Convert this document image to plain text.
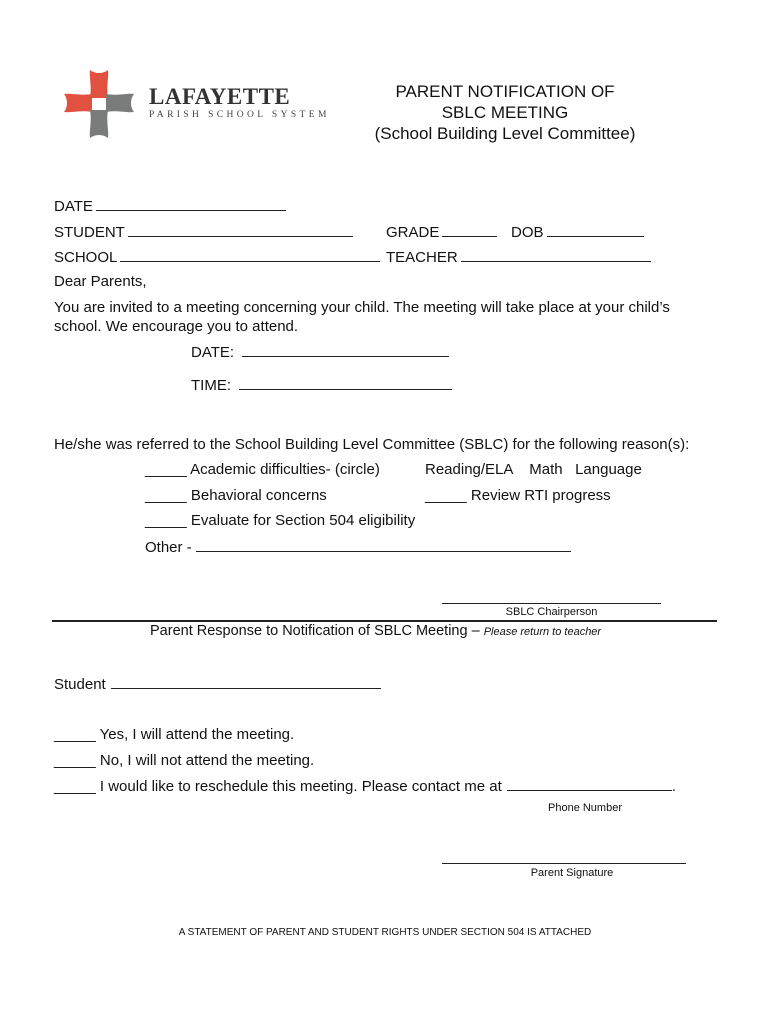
LAFAYETTE
PARISH SCHOOL SYSTEM
PARENT NOTIFICATION OF
SBLC MEETING
(School Building Level Committee)
DATE
STUDENT	GRADE	DOB
SCHOOL	TEACHER
Dear Parents,
You are invited to a meeting concerning your child. The meeting will take place at your child’s
school. We encourage you to attend.
DATE:
TIME:
He/she was referred to the School Building Level Committee (SBLC) for the following reason(s):
_____ Academic difficulties- (circle)	Reading/ELA    Math   Language
_____ Behavioral concerns	_____ Review RTI progress
_____ Evaluate for Section 504 eligibility
Other -
SBLC Chairperson
Parent Response to Notification of SBLC Meeting – Please return to teacher
Student
_____ Yes, I will attend the meeting.
_____ No, I will not attend the meeting.
_____ I would like to reschedule this meeting. Please contact me at	.
Phone Number
Parent Signature
A STATEMENT OF PARENT AND STUDENT RIGHTS UNDER SECTION 504 IS ATTACHED
